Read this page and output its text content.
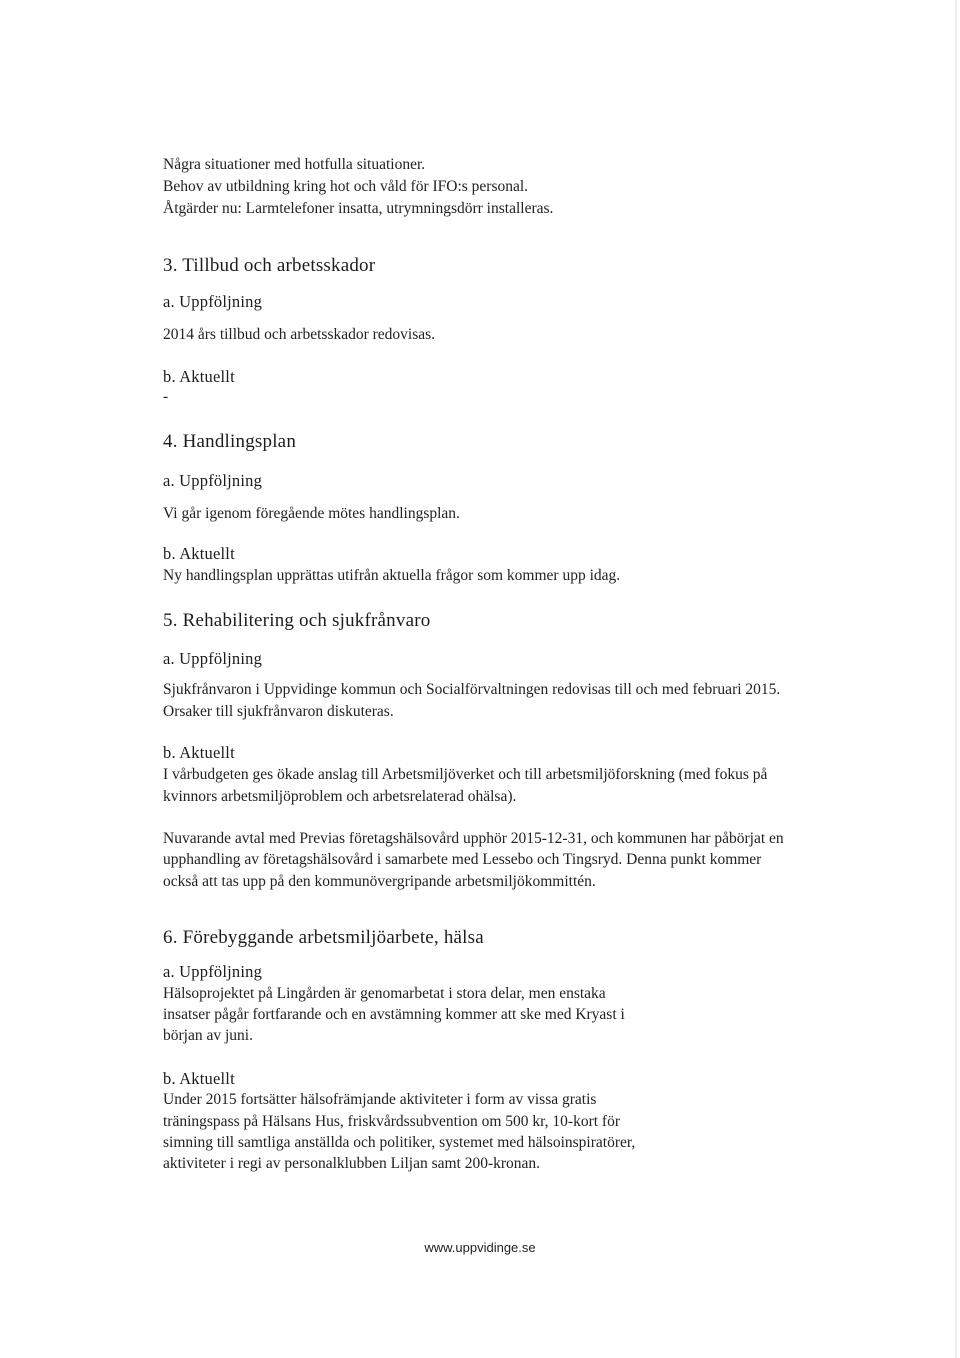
Några situationer med hotfulla situationer.
Behov av utbildning kring hot och våld för IFO:s personal.
Åtgärder nu: Larmtelefoner insatta, utrymningsdörr installeras.
3. Tillbud och arbetsskador
a. Uppföljning
2014 års tillbud och arbetsskador redovisas.
b. Aktuellt
-
4. Handlingsplan
a. Uppföljning
Vi går igenom föregående mötes handlingsplan.
b. Aktuellt
Ny handlingsplan upprättas utifrån aktuella frågor som kommer upp idag.
5. Rehabilitering och sjukfrånvaro
a. Uppföljning
Sjukfrånvaron i Uppvidinge kommun och Socialförvaltningen redovisas till och med februari 2015.
Orsaker till sjukfrånvaron diskuteras.
b. Aktuellt
I vårbudgeten ges ökade anslag till Arbetsmiljöverket och till arbetsmiljöforskning (med fokus på
kvinnors arbetsmiljöproblem och arbetsrelaterad ohälsa).
Nuvarande avtal med Previas företagshälsovård upphör 2015-12-31, och kommunen har påbörjat en
upphandling av företagshälsovård i samarbete med Lessebo och Tingsryd. Denna punkt kommer
också att tas upp på den kommunövergripande arbetsmiljökommittén.
6. Förebyggande arbetsmiljöarbete, hälsa
a. Uppföljning
Hälsoprojektet på Lingården är genomarbetat i stora delar, men enstaka
insatser pågår fortfarande och en avstämning kommer att ske med Kryast i
början av juni.
b. Aktuellt
Under 2015 fortsätter hälsofrämjande aktiviteter i form av vissa gratis
träningspass på Hälsans Hus, friskvårdssubvention om 500 kr, 10-kort för
simning till samtliga anställda och politiker, systemet med hälsoinspiratörer,
aktiviteter i regi av personalklubben Liljan samt 200-kronan.
www.uppvidinge.se
